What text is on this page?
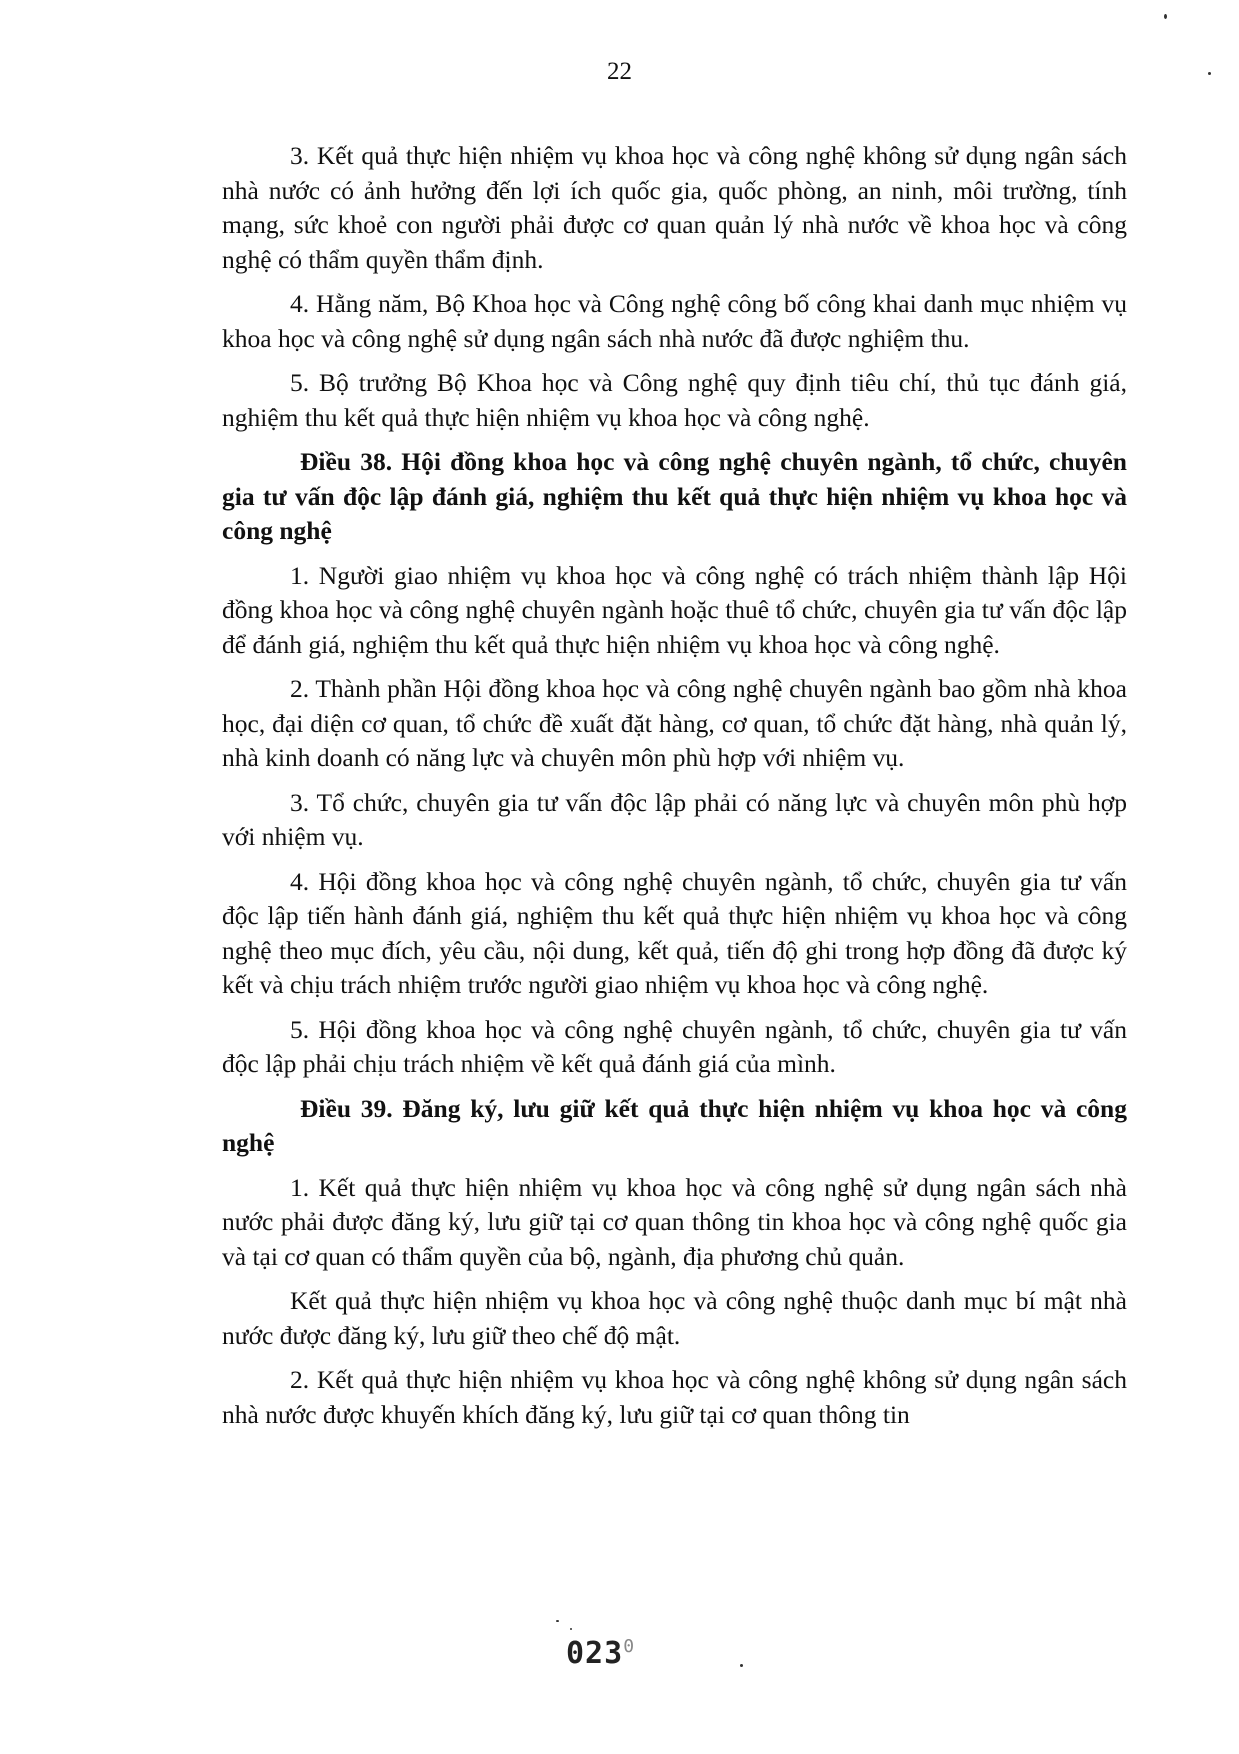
22

3. Kết quả thực hiện nhiệm vụ khoa học và công nghệ không sử dụng ngân sách nhà nước có ảnh hưởng đến lợi ích quốc gia, quốc phòng, an ninh, môi trường, tính mạng, sức khoẻ con người phải được cơ quan quản lý nhà nước về khoa học và công nghệ có thẩm quyền thẩm định.

4. Hằng năm, Bộ Khoa học và Công nghệ công bố công khai danh mục nhiệm vụ khoa học và công nghệ sử dụng ngân sách nhà nước đã được nghiệm thu.

5. Bộ trưởng Bộ Khoa học và Công nghệ quy định tiêu chí, thủ tục đánh giá, nghiệm thu kết quả thực hiện nhiệm vụ khoa học và công nghệ.

Điều 38. Hội đồng khoa học và công nghệ chuyên ngành, tổ chức, chuyên gia tư vấn độc lập đánh giá, nghiệm thu kết quả thực hiện nhiệm vụ khoa học và công nghệ

1. Người giao nhiệm vụ khoa học và công nghệ có trách nhiệm thành lập Hội đồng khoa học và công nghệ chuyên ngành hoặc thuê tổ chức, chuyên gia tư vấn độc lập để đánh giá, nghiệm thu kết quả thực hiện nhiệm vụ khoa học và công nghệ.

2. Thành phần Hội đồng khoa học và công nghệ chuyên ngành bao gồm nhà khoa học, đại diện cơ quan, tổ chức đề xuất đặt hàng, cơ quan, tổ chức đặt hàng, nhà quản lý, nhà kinh doanh có năng lực và chuyên môn phù hợp với nhiệm vụ.

3. Tổ chức, chuyên gia tư vấn độc lập phải có năng lực và chuyên môn phù hợp với nhiệm vụ.

4. Hội đồng khoa học và công nghệ chuyên ngành, tổ chức, chuyên gia tư vấn độc lập tiến hành đánh giá, nghiệm thu kết quả thực hiện nhiệm vụ khoa học và công nghệ theo mục đích, yêu cầu, nội dung, kết quả, tiến độ ghi trong hợp đồng đã được ký kết và chịu trách nhiệm trước người giao nhiệm vụ khoa học và công nghệ.

5. Hội đồng khoa học và công nghệ chuyên ngành, tổ chức, chuyên gia tư vấn độc lập phải chịu trách nhiệm về kết quả đánh giá của mình.

Điều 39. Đăng ký, lưu giữ kết quả thực hiện nhiệm vụ khoa học và công nghệ

1. Kết quả thực hiện nhiệm vụ khoa học và công nghệ sử dụng ngân sách nhà nước phải được đăng ký, lưu giữ tại cơ quan thông tin khoa học và công nghệ quốc gia và tại cơ quan có thẩm quyền của bộ, ngành, địa phương chủ quản.

Kết quả thực hiện nhiệm vụ khoa học và công nghệ thuộc danh mục bí mật nhà nước được đăng ký, lưu giữ theo chế độ mật.

2. Kết quả thực hiện nhiệm vụ khoa học và công nghệ không sử dụng ngân sách nhà nước được khuyến khích đăng ký, lưu giữ tại cơ quan thông tin

$023^0$
